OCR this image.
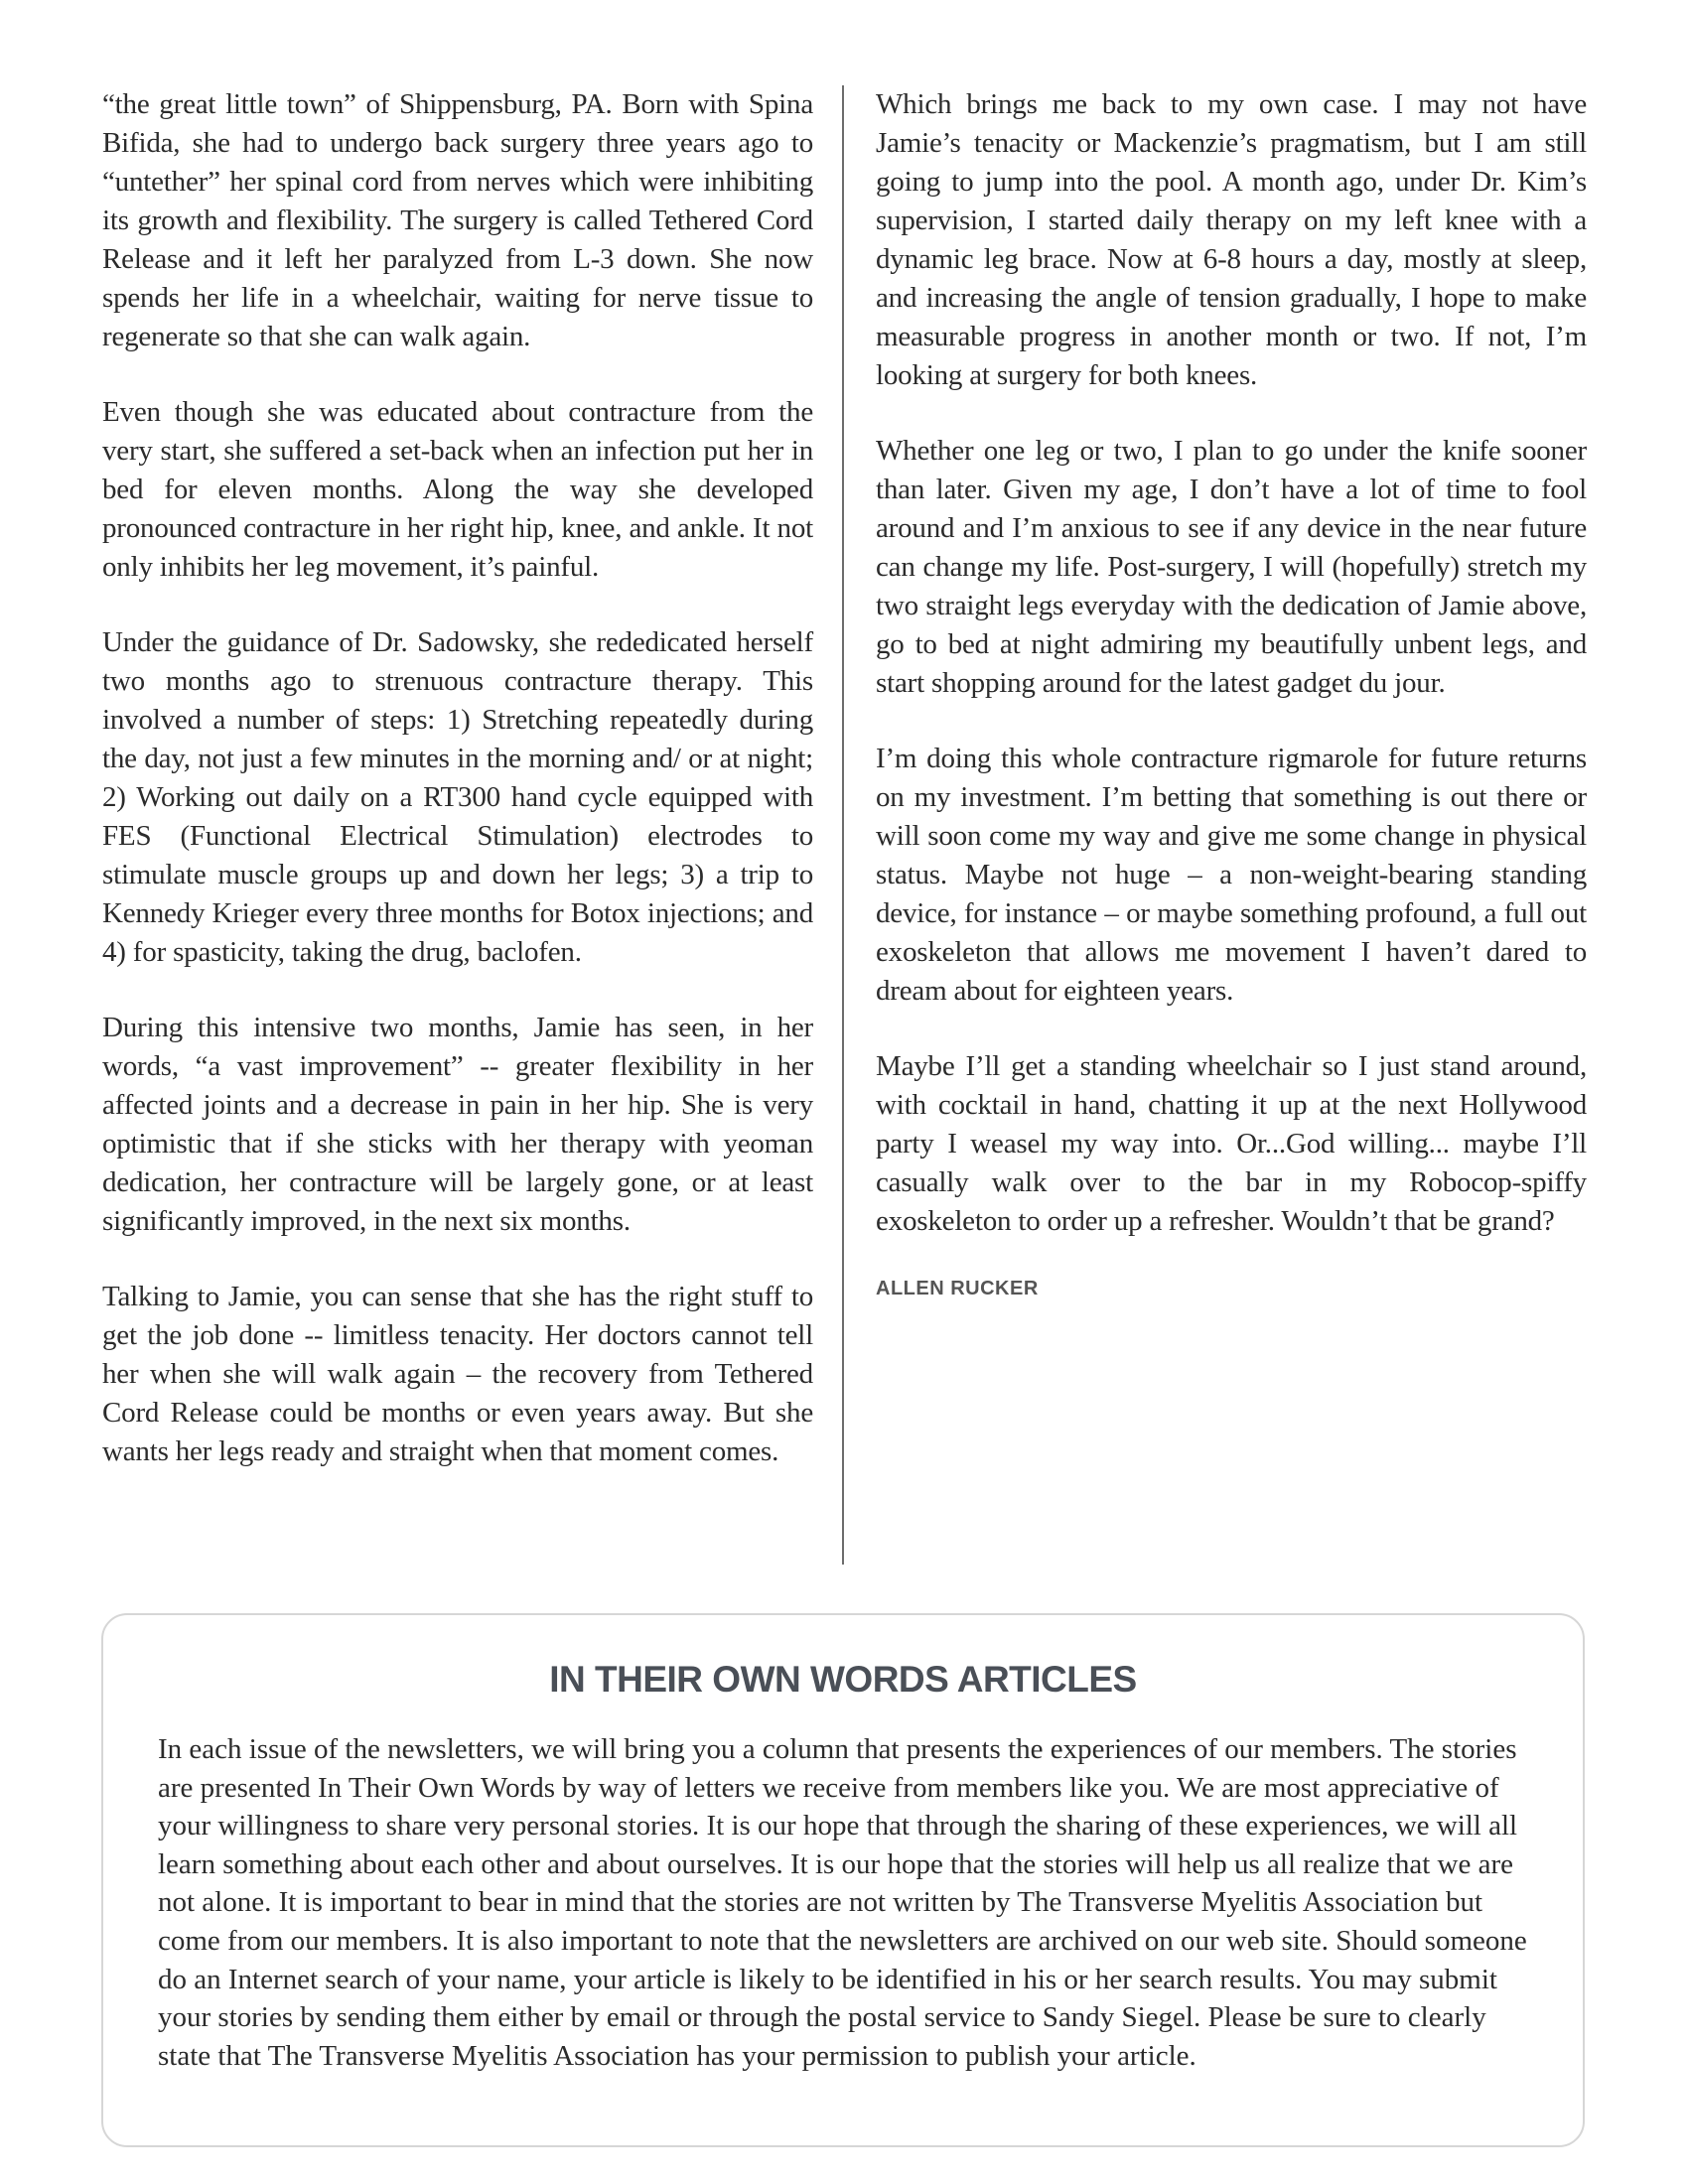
“the great little town” of Shippensburg, PA. Born with Spina Bifida, she had to undergo back surgery three years ago to “untether” her spinal cord from nerves which were inhibiting its growth and flexibility. The surgery is called Tethered Cord Release and it left her paralyzed from L-3 down. She now spends her life in a wheelchair, waiting for nerve tissue to regenerate so that she can walk again.

Even though she was educated about contracture from the very start, she suffered a set-back when an infection put her in bed for eleven months. Along the way she developed pronounced contracture in her right hip, knee, and ankle. It not only inhibits her leg movement, it’s painful.

Under the guidance of Dr. Sadowsky, she rededicated herself two months ago to strenuous contracture therapy. This involved a number of steps: 1) Stretching repeatedly during the day, not just a few minutes in the morning and/ or at night; 2) Working out daily on a RT300 hand cycle equipped with FES (Functional Electrical Stimulation) electrodes to stimulate muscle groups up and down her legs; 3) a trip to Kennedy Krieger every three months for Botox injections; and 4) for spasticity, taking the drug, baclofen.

During this intensive two months, Jamie has seen, in her words, “a vast improvement” -- greater flexibility in her affected joints and a decrease in pain in her hip. She is very optimistic that if she sticks with her therapy with yeoman dedication, her contracture will be largely gone, or at least significantly improved, in the next six months.

Talking to Jamie, you can sense that she has the right stuff to get the job done -- limitless tenacity. Her doctors cannot tell her when she will walk again – the recovery from Tethered Cord Release could be months or even years away. But she wants her legs ready and straight when that moment comes.

Which brings me back to my own case. I may not have Jamie’s tenacity or Mackenzie’s pragmatism, but I am still going to jump into the pool. A month ago, under Dr. Kim’s supervision, I started daily therapy on my left knee with a dynamic leg brace. Now at 6-8 hours a day, mostly at sleep, and increasing the angle of tension gradually, I hope to make measurable progress in another month or two. If not, I’m looking at surgery for both knees.

Whether one leg or two, I plan to go under the knife sooner than later. Given my age, I don’t have a lot of time to fool around and I’m anxious to see if any device in the near future can change my life. Post-surgery, I will (hopefully) stretch my two straight legs everyday with the dedication of Jamie above, go to bed at night admiring my beautifully unbent legs, and start shopping around for the latest gadget du jour.

I’m doing this whole contracture rigmarole for future returns on my investment. I’m betting that something is out there or will soon come my way and give me some change in physical status. Maybe not huge – a non-weight-bearing standing device, for instance – or maybe something profound, a full out exoskeleton that allows me movement I haven’t dared to dream about for eighteen years.

Maybe I’ll get a standing wheelchair so I just stand around, with cocktail in hand, chatting it up at the next Hollywood party I weasel my way into. Or...God willing... maybe I’ll casually walk over to the bar in my Robocop-spiffy exoskeleton to order up a refresher. Wouldn’t that be grand?

ALLEN RUCKER
IN THEIR OWN WORDS ARTICLES

In each issue of the newsletters, we will bring you a column that presents the experiences of our members. The stories are presented In Their Own Words by way of letters we receive from members like you. We are most appreciative of your willingness to share very personal stories. It is our hope that through the sharing of these experiences, we will all learn something about each other and about ourselves. It is our hope that the stories will help us all realize that we are not alone. It is important to bear in mind that the stories are not written by The Transverse Myelitis Association but come from our members. It is also important to note that the newsletters are archived on our web site. Should someone do an Internet search of your name, your article is likely to be identified in his or her search results. You may submit your stories by sending them either by email or through the postal service to Sandy Siegel. Please be sure to clearly state that The Transverse Myelitis Association has your permission to publish your article.
